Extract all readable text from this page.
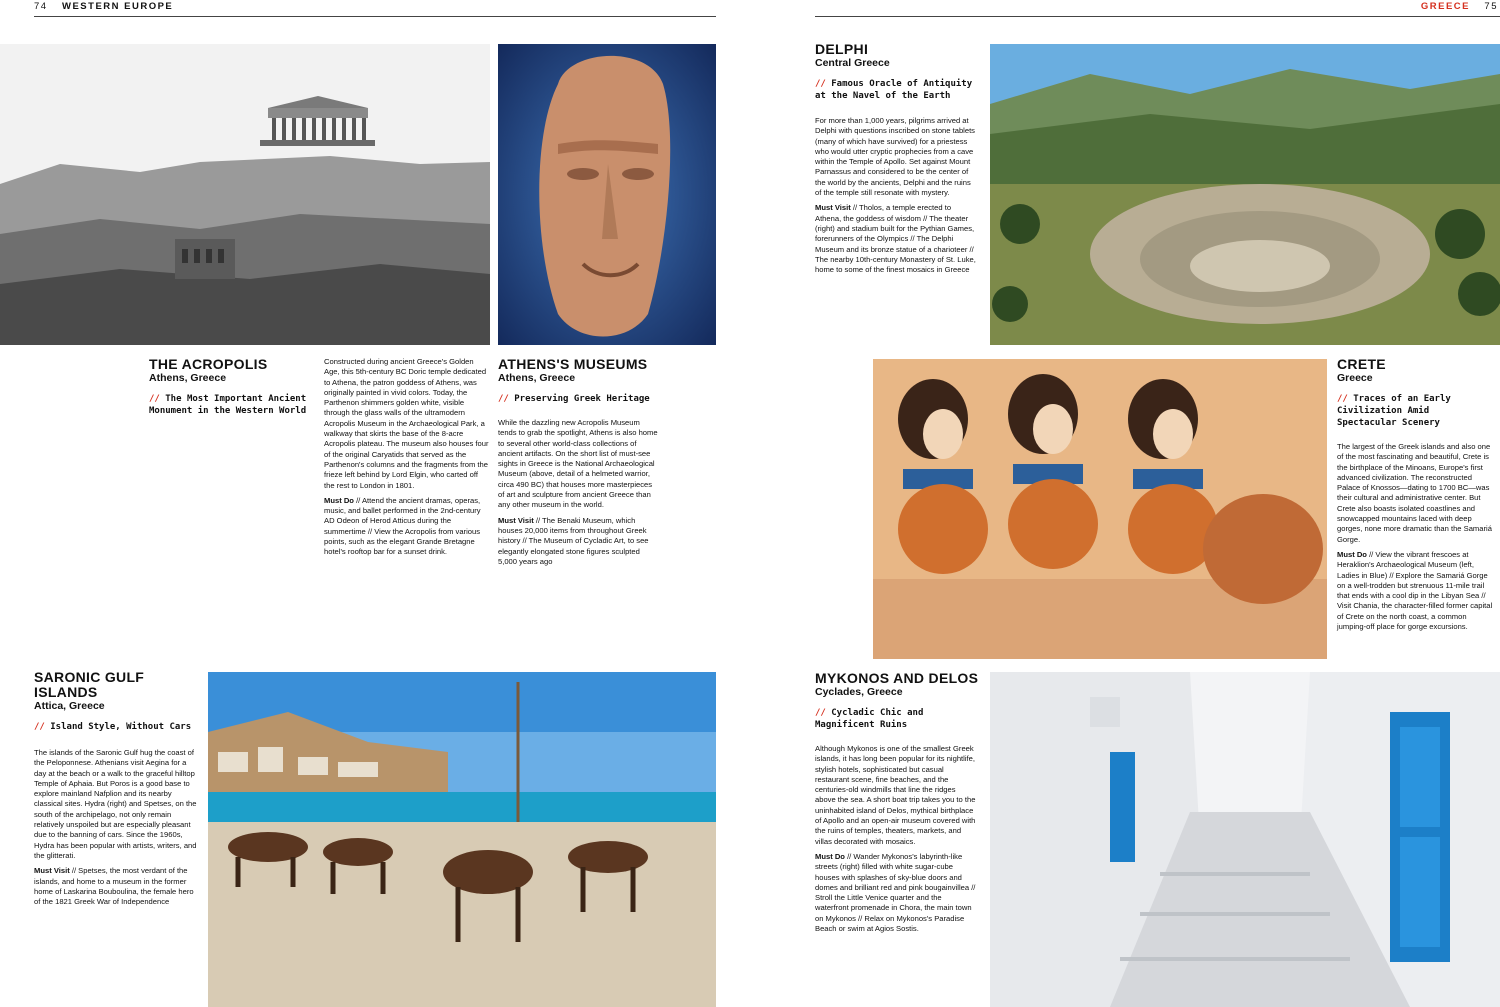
74 WESTERN EUROPE	GREECE 75
THE ACROPOLIS
Athens, Greece
// The Most Important Ancient Monument in the Western World

Constructed during ancient Greece's Golden Age, this 5th-century BC Doric temple dedicated to Athena, the patron goddess of Athens, was originally painted in vivid colors. Today, the Parthenon shimmers golden white, visible through the glass walls of the ultramodern Acropolis Museum in the Archaeological Park, a walkway that skirts the base of the 8-acre Acropolis plateau. The museum also houses four of the original Caryatids that served as the Parthenon's columns and the fragments from the frieze left behind by Lord Elgin, who carted off the rest to London in 1801.

Must Do // Attend the ancient dramas, operas, music, and ballet performed in the 2nd-century AD Odeon of Herod Atticus during the summertime // View the Acropolis from various points, such as the elegant Grande Bretagne hotel's rooftop bar for a sunset drink.

ATHENS'S MUSEUMS
Athens, Greece
// Preserving Greek Heritage

While the dazzling new Acropolis Museum tends to grab the spotlight, Athens is also home to several other world-class collections of ancient artifacts. On the short list of must-see sights in Greece is the National Archaeological Museum (above, detail of a helmeted warrior, circa 490 BC) that houses more masterpieces of art and sculpture from ancient Greece than any other museum in the world.

Must Visit // The Benaki Museum, which houses 20,000 items from throughout Greek history // The Museum of Cycladic Art, to see elegantly elongated stone figures sculpted 5,000 years ago

SARONIC GULF ISLANDS
Attica, Greece
// Island Style, Without Cars

The islands of the Saronic Gulf hug the coast of the Peloponnese. Athenians visit Aegina for a day at the beach or a walk to the graceful hilltop Temple of Aphaia. But Poros is a good base to explore mainland Nafplion and its nearby classical sites. Hydra (right) and Spetses, on the south of the archipelago, not only remain relatively unspoiled but are especially pleasant due to the banning of cars. Since the 1960s, Hydra has been popular with artists, writers, and the glitterati.

Must Visit // Spetses, the most verdant of the islands, and home to a museum in the former home of Laskarina Bouboulina, the female hero of the 1821 Greek War of Independence

DELPHI
Central Greece
// Famous Oracle of Antiquity at the Navel of the Earth

For more than 1,000 years, pilgrims arrived at Delphi with questions inscribed on stone tablets (many of which have survived) for a priestess who would utter cryptic prophecies from a cave within the Temple of Apollo. Set against Mount Parnassus and considered to be the center of the world by the ancients, Delphi and the ruins of the temple still resonate with mystery.

Must Visit // Tholos, a temple erected to Athena, the goddess of wisdom // The theater (right) and stadium built for the Pythian Games, forerunners of the Olympics // The Delphi Museum and its bronze statue of a charioteer // The nearby 10th-century Monastery of St. Luke, home to some of the finest mosaics in Greece

CRETE
Greece
// Traces of an Early Civilization Amid Spectacular Scenery

The largest of the Greek islands and also one of the most fascinating and beautiful, Crete is the birthplace of the Minoans, Europe's first advanced civilization. The reconstructed Palace of Knossos—dating to 1700 BC—was their cultural and administrative center. But Crete also boasts isolated coastlines and snowcapped mountains laced with deep gorges, none more dramatic than the Samariá Gorge.

Must Do // View the vibrant frescoes at Heraklion's Archaeological Museum (left, Ladies in Blue) // Explore the Samariá Gorge on a well-trodden but strenuous 11-mile trail that ends with a cool dip in the Libyan Sea // Visit Chania, the character-filled former capital of Crete on the north coast, a common jumping-off place for gorge excursions.

MYKONOS AND DELOS
Cyclades, Greece
// Cycladic Chic and Magnificent Ruins

Although Mykonos is one of the smallest Greek islands, it has long been popular for its nightlife, stylish hotels, sophisticated but casual restaurant scene, fine beaches, and the centuries-old windmills that line the ridges above the sea. A short boat trip takes you to the uninhabited island of Delos, mythical birthplace of Apollo and an open-air museum covered with the ruins of temples, theaters, markets, and villas decorated with mosaics.

Must Do // Wander Mykonos's labyrinth-like streets (right) filled with white sugar-cube houses with splashes of sky-blue doors and domes and brilliant red and pink bougainvillea // Stroll the Little Venice quarter and the waterfront promenade in Chora, the main town on Mykonos // Relax on Mykonos's Paradise Beach or swim at Agios Sostis.
